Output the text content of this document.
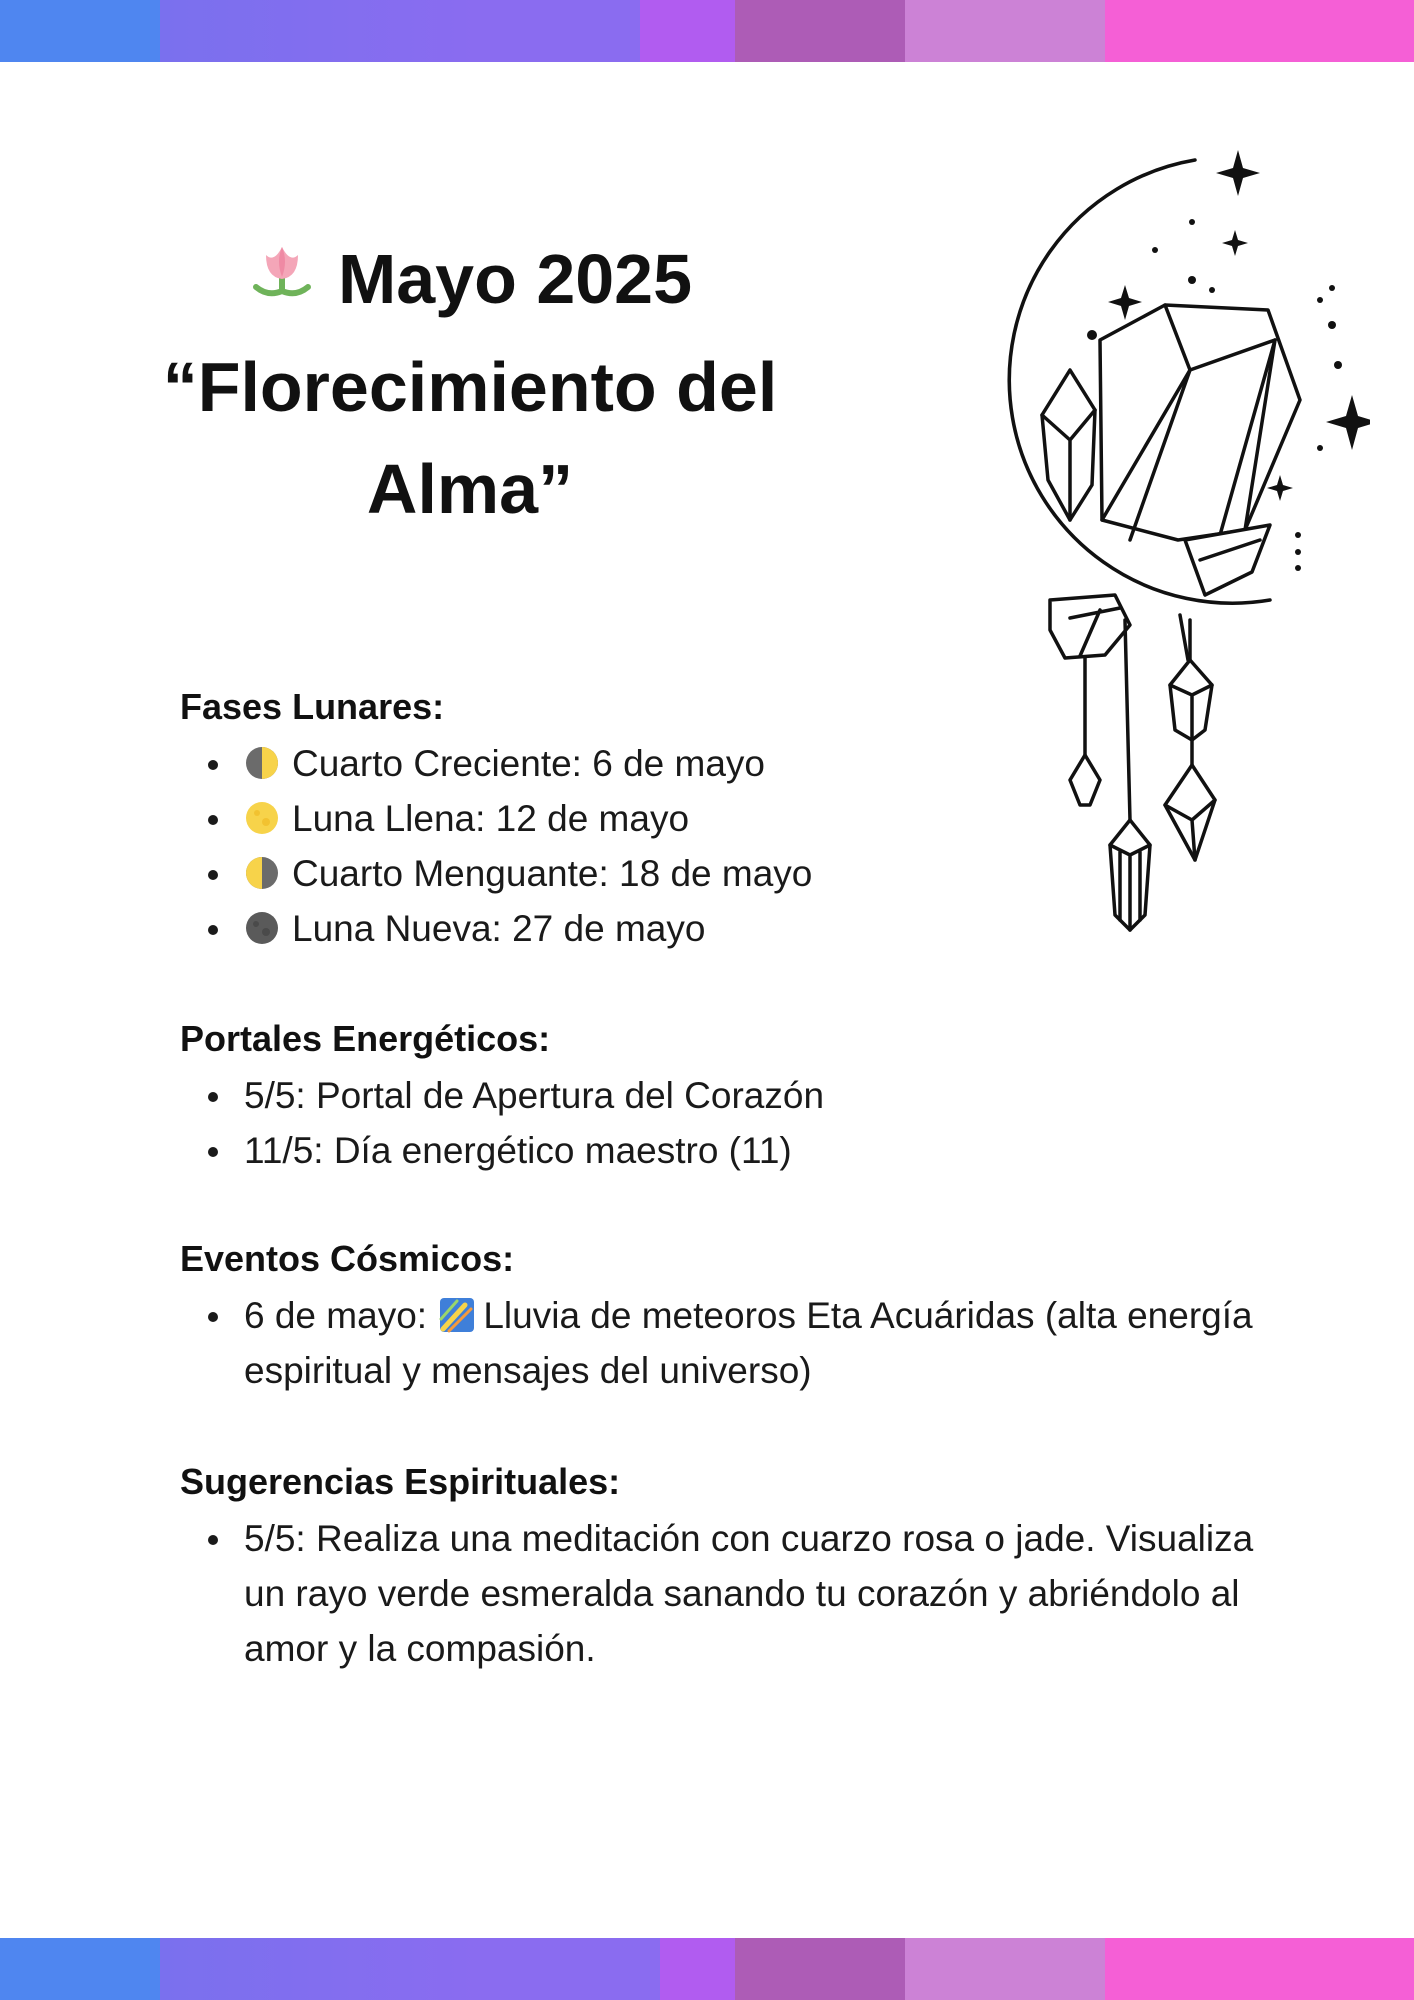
Mayo 2025
“Florecimiento del
Alma”
Fases Lunares:
Cuarto Creciente: 6 de mayo
Luna Llena: 12 de mayo
Cuarto Menguante: 18 de mayo
Luna Nueva: 27 de mayo
Portales Energéticos:
5/5: Portal de Apertura del Corazón
11/5: Día energético maestro (11)
Eventos Cósmicos:
6 de mayo: Lluvia de meteoros Eta Acuáridas (alta energía espiritual y mensajes del universo)
Sugerencias Espirituales:
5/5: Realiza una meditación con cuarzo rosa o jade. Visualiza un rayo verde esmeralda sanando tu corazón y abriéndolo al amor y la compasión.
